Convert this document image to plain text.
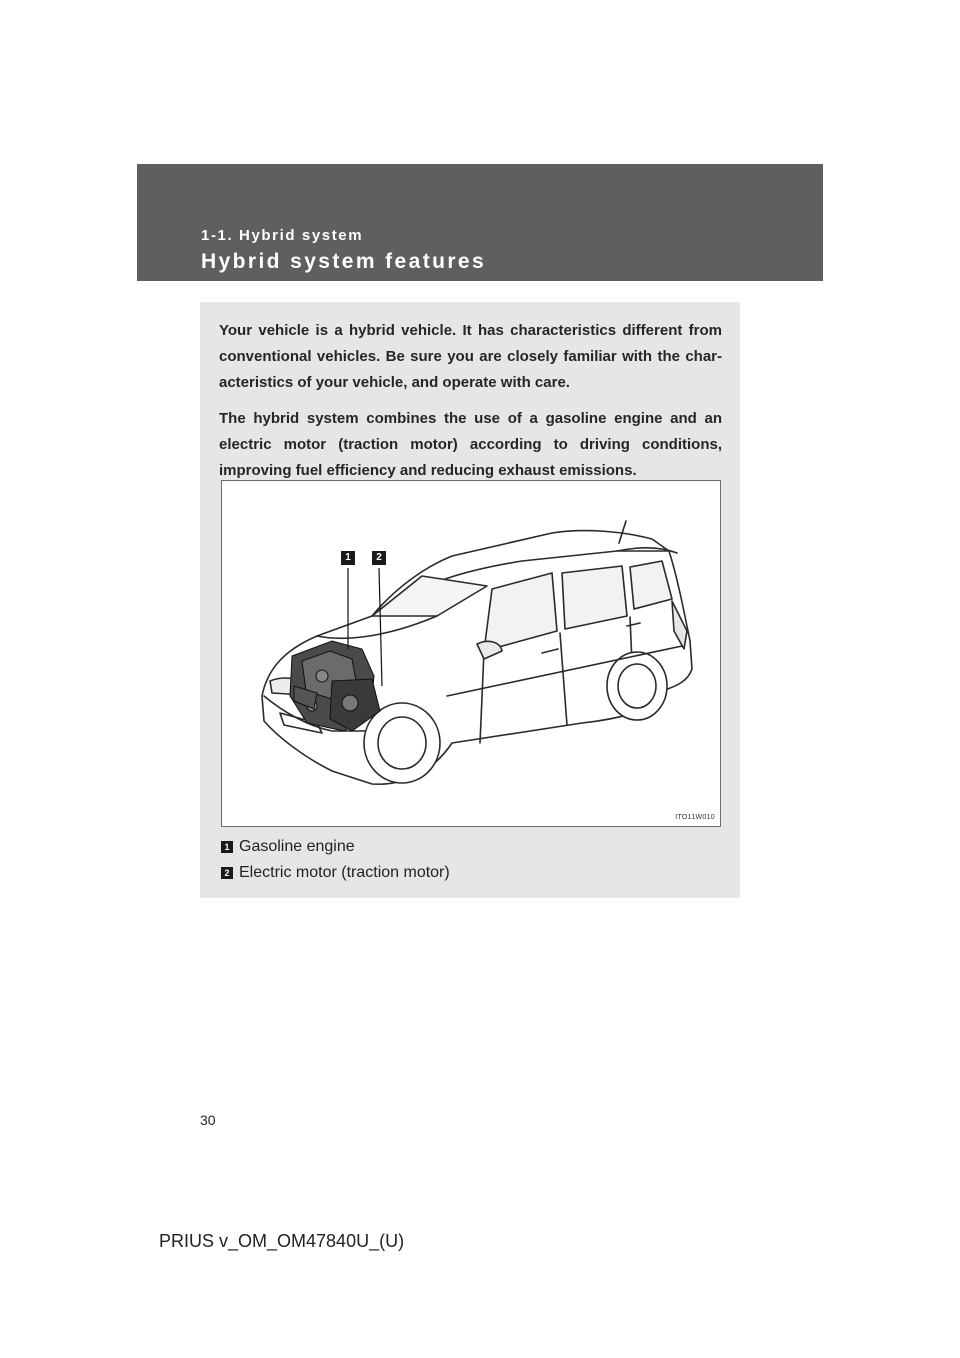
1-1. Hybrid system
Hybrid system features

Your vehicle is a hybrid vehicle. It has characteristics different from conventional vehicles. Be sure you are closely familiar with the char- acteristics of your vehicle, and operate with care.

The hybrid system combines the use of a gasoline engine and an electric motor (traction motor) according to driving conditions, improving fuel efficiency and reducing exhaust emissions.

1	2
ITO11W010
1 Gasoline engine
2 Electric motor (traction motor)
30
PRIUS v_OM_OM47840U_(U)
